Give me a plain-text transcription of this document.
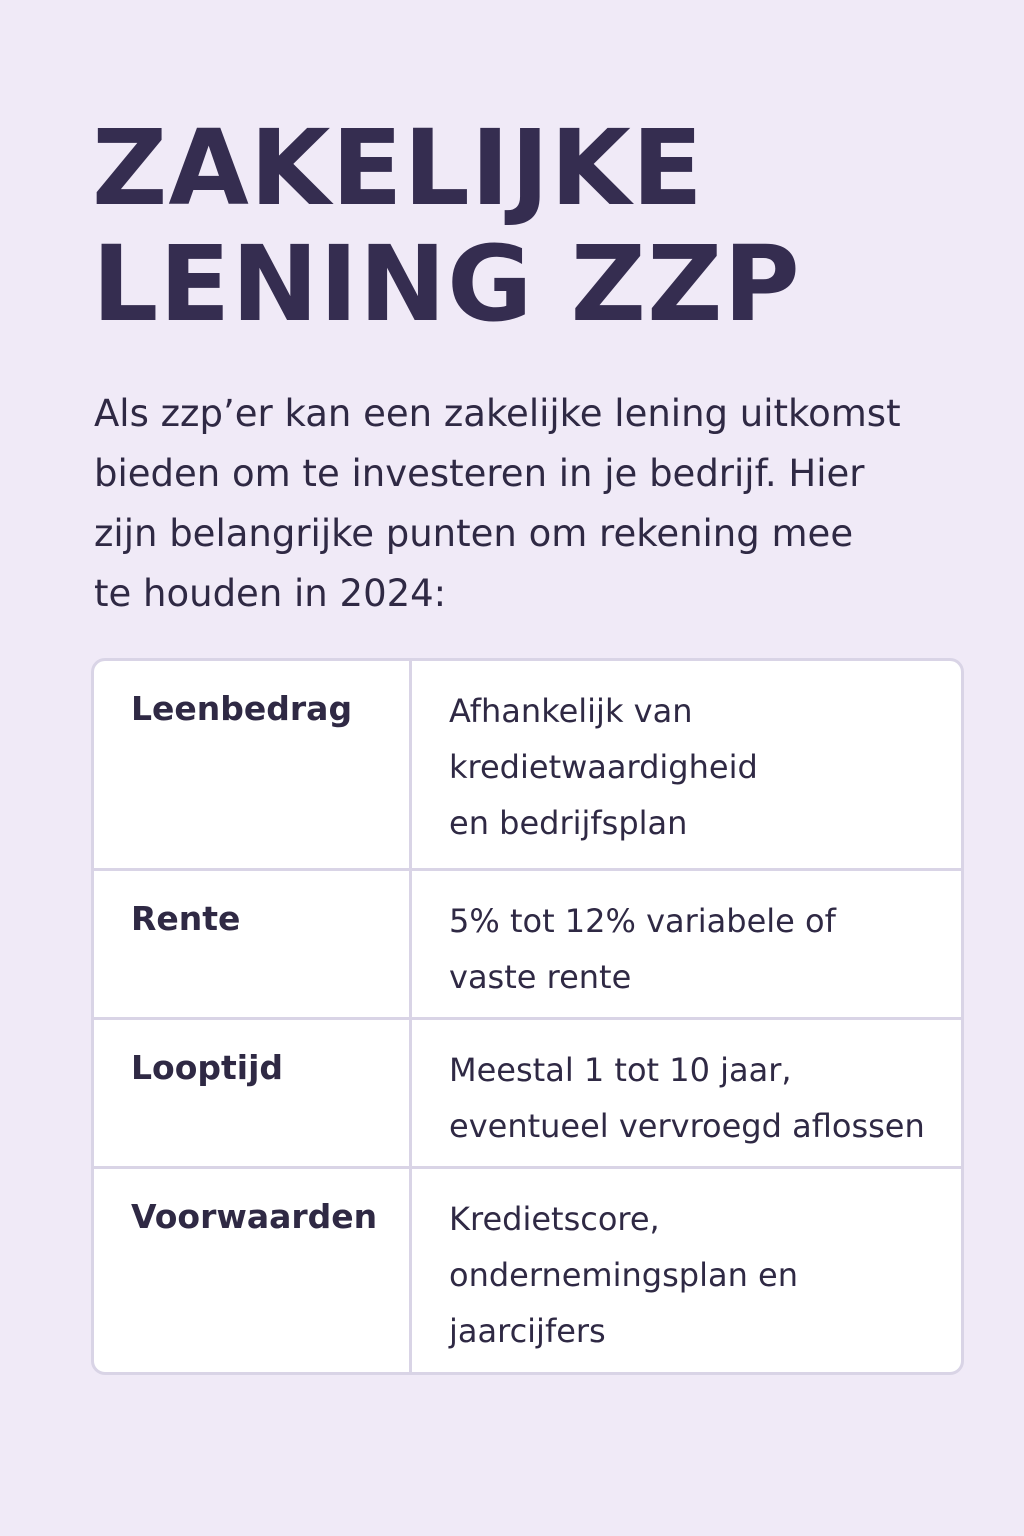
ZAKELIJKE
LENING ZZP

Als zzp’er kan een zakelijke lening uitkomst
bieden om te investeren in je bedrijf. Hier
zijn belangrijke punten om rekening mee
te houden in 2024:

Leenbedrag	Afhankelijk van
kredietwaardigheid
en bedrijfsplan
Rente	5% tot 12% variabele of
vaste rente
Looptijd	Meestal 1 tot 10 jaar,
eventueel vervroegd aflossen
Voorwaarden	Kredietscore,
ondernemingsplan en
jaarcijfers
